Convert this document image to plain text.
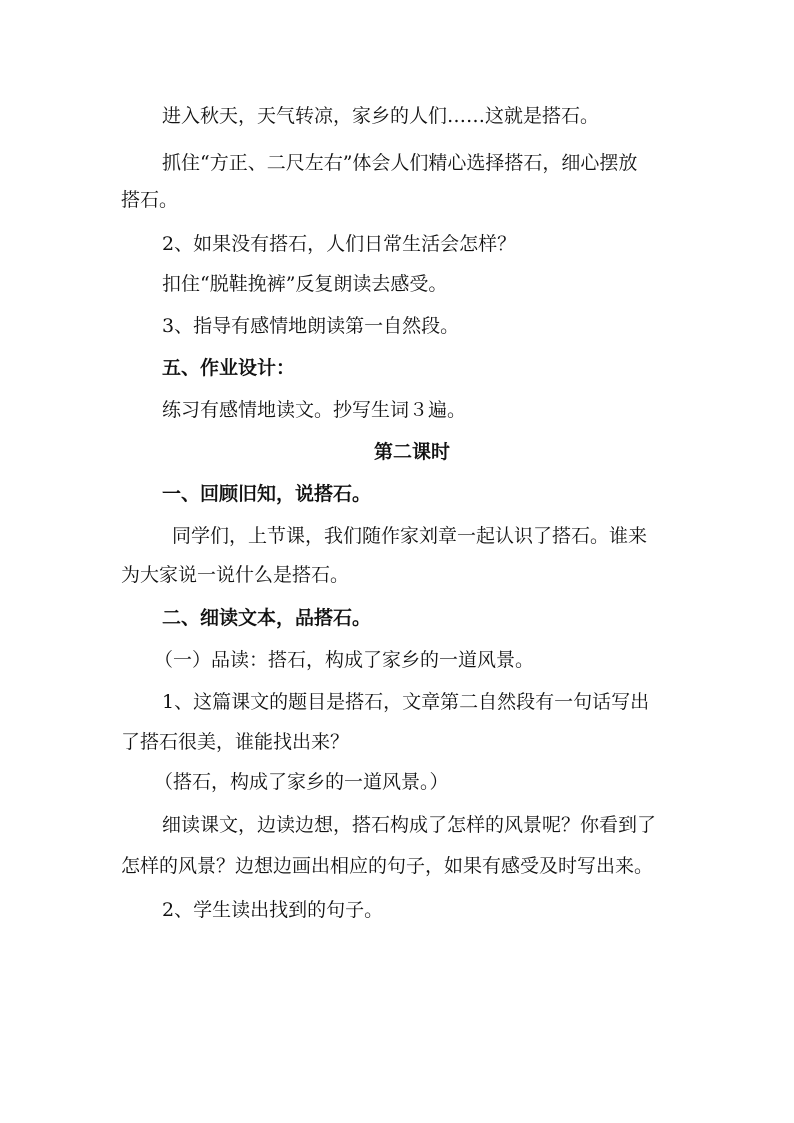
进入秋天，天气转凉，家乡的人们……这就是搭石。
抓住“方正、二尺左右”体会人们精心选择搭石，细心摆放
搭石。
2、如果没有搭石，人们日常生活会怎样？
扣住“脱鞋挽裤”反复朗读去感受。
3、指导有感情地朗读第一自然段。
五、作业设计：
练习有感情地读文。抄写生词３遍。
第二课时
一、回顾旧知，说搭石。
同学们，上节课，我们随作家刘章一起认识了搭石。谁来
为大家说一说什么是搭石。
二、细读文本，品搭石。
（一）品读：搭石，构成了家乡的一道风景。
1、这篇课文的题目是搭石，文章第二自然段有一句话写出
了搭石很美，谁能找出来？
（搭石，构成了家乡的一道风景。）
细读课文，边读边想，搭石构成了怎样的风景呢？你看到了
怎样的风景？边想边画出相应的句子，如果有感受及时写出来。
2、学生读出找到的句子。
